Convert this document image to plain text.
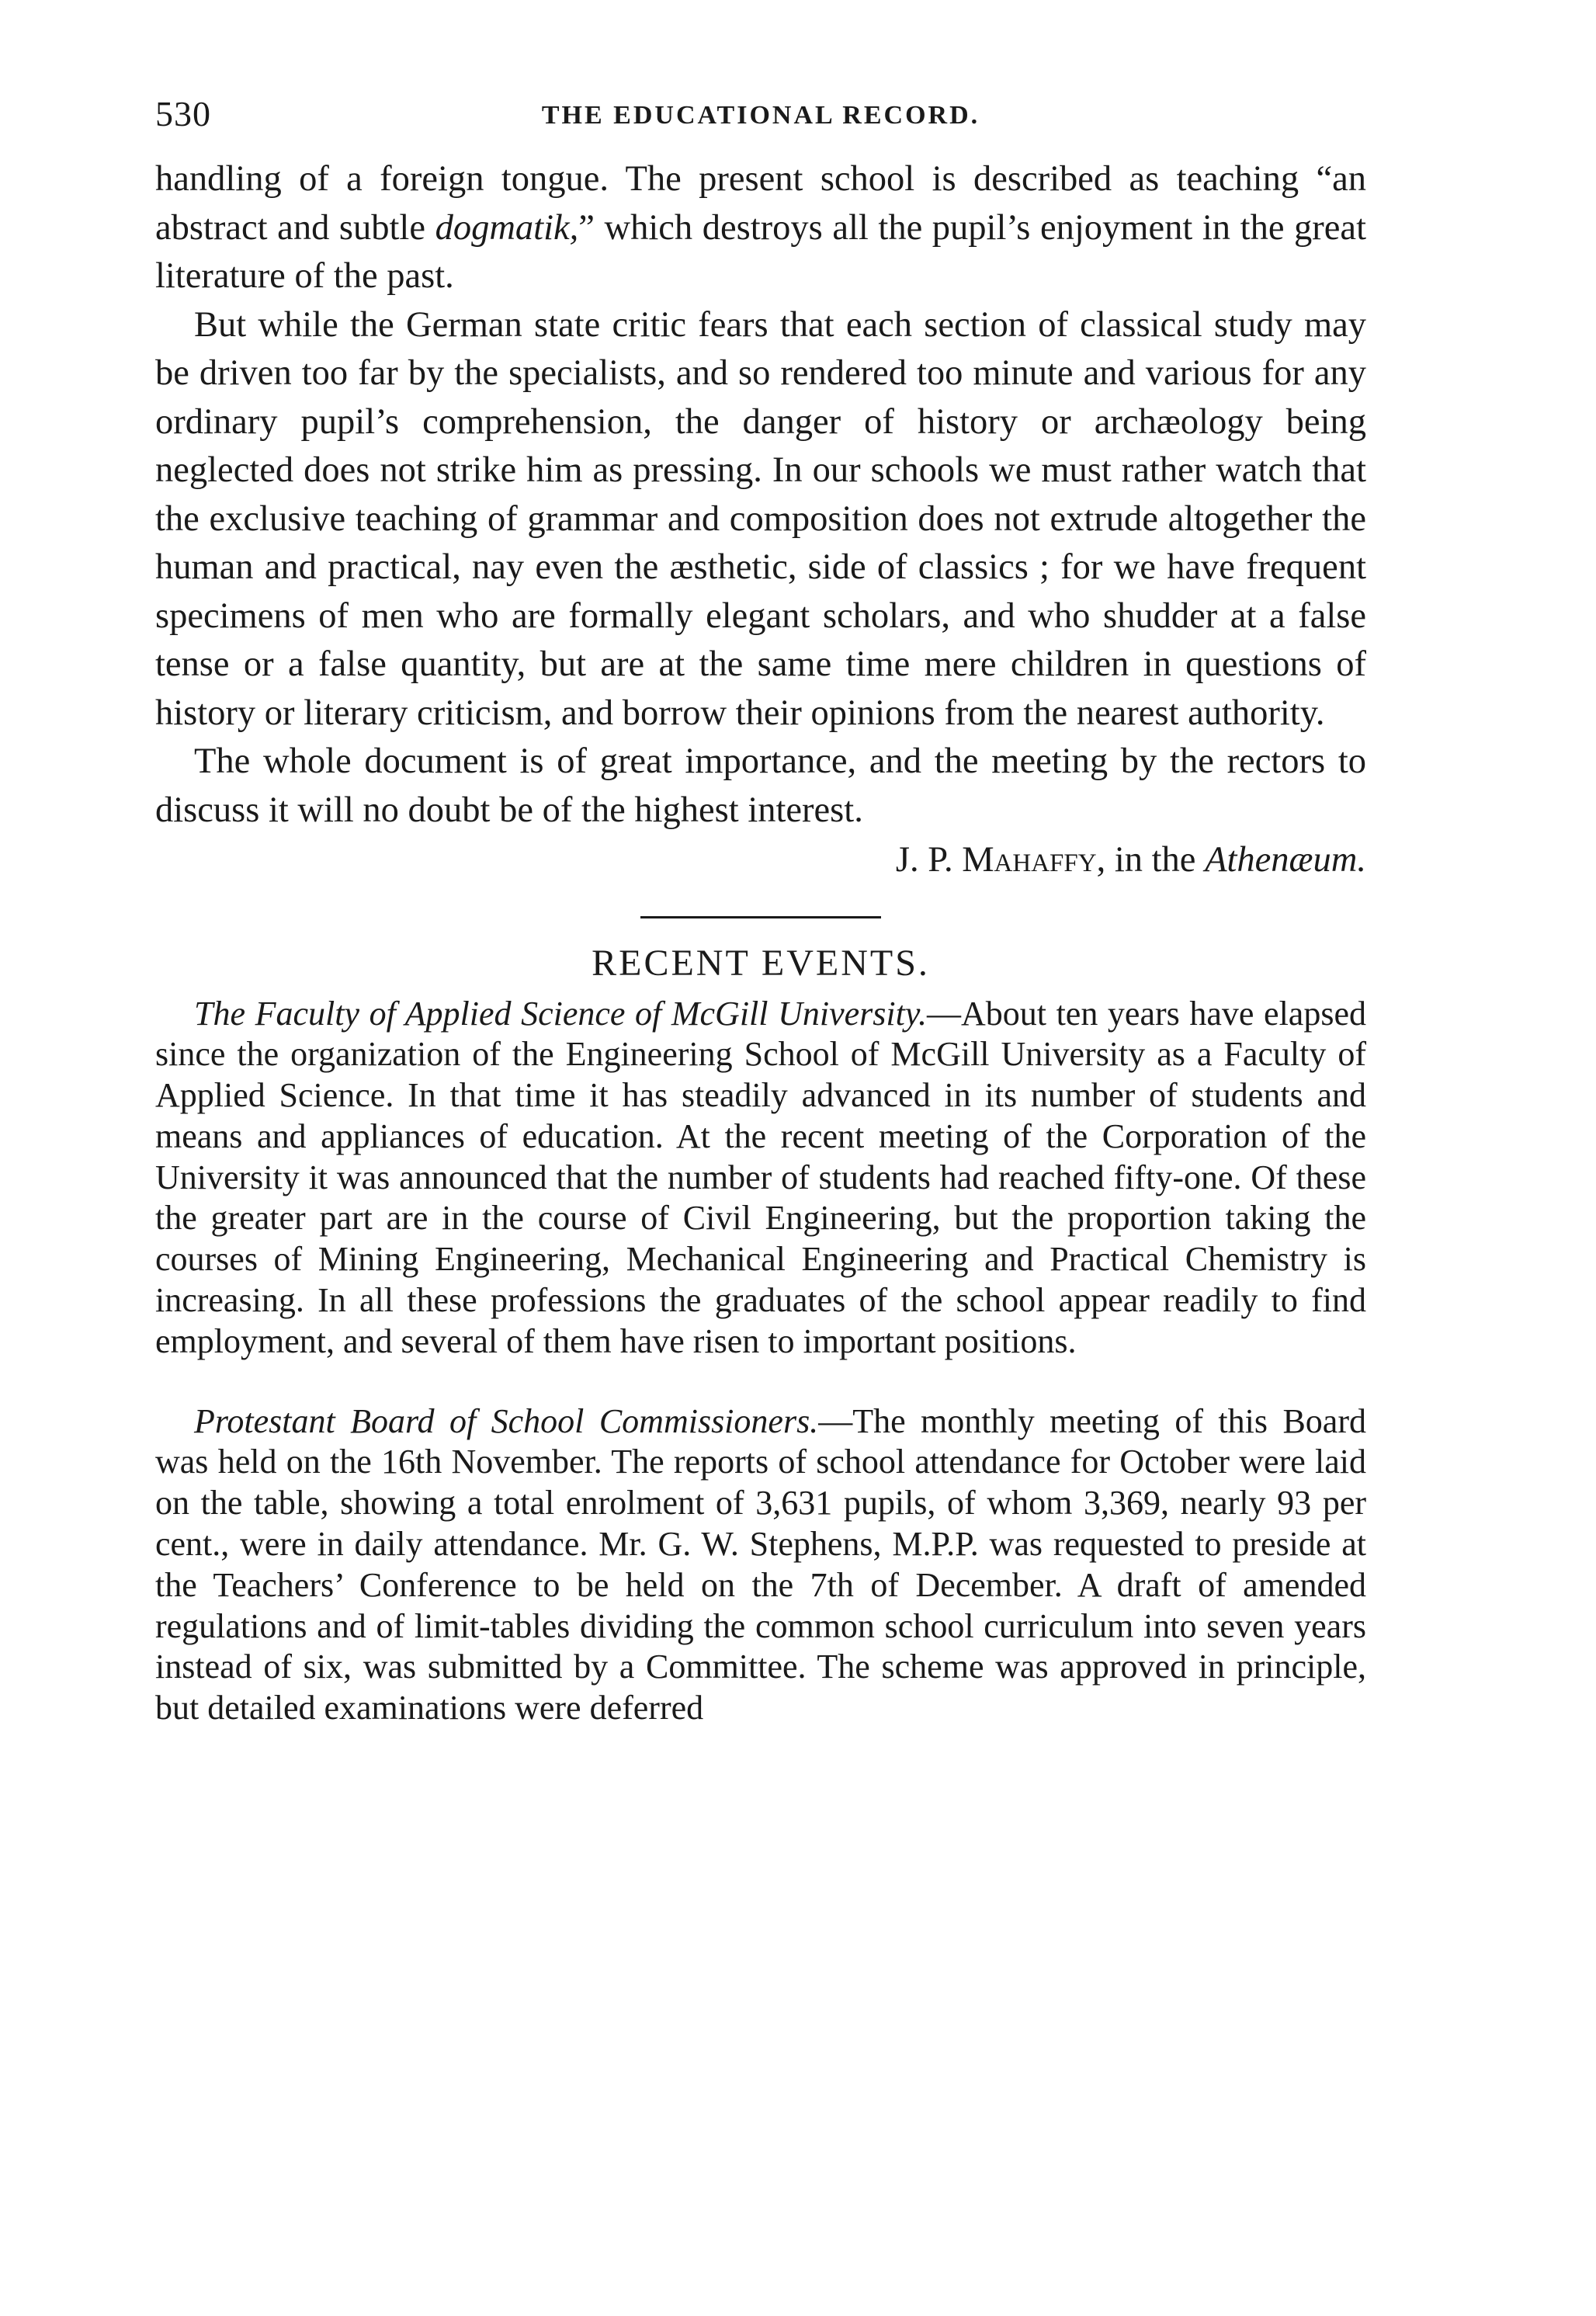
530	THE EDUCATIONAL RECORD.

handling of a foreign tongue. The present school is described as teaching “an abstract and subtle dogmatik,” which destroys all the pupil’s enjoyment in the great literature of the past.

But while the German state critic fears that each section of classical study may be driven too far by the specialists, and so rendered too minute and various for any ordinary pupil’s comprehension, the danger of history or archæology being neglected does not strike him as pressing. In our schools we must rather watch that the exclusive teaching of grammar and composition does not extrude altogether the human and practical, nay even the æsthetic, side of classics ; for we have frequent specimens of men who are formally elegant scholars, and who shudder at a false tense or a false quantity, but are at the same time mere children in questions of history or literary criticism, and borrow their opinions from the nearest authority.

The whole document is of great importance, and the meeting by the rectors to discuss it will no doubt be of the highest interest.

J. P. Mahaffy, in the Athenæum.
RECENT EVENTS.

The Faculty of Applied Science of McGill University.—About ten years have elapsed since the organization of the Engineering School of McGill University as a Faculty of Applied Science. In that time it has steadily advanced in its number of students and means and appliances of education. At the recent meeting of the Corporation of the University it was announced that the number of students had reached fifty-one. Of these the greater part are in the course of Civil Engineering, but the proportion taking the courses of Mining Engineering, Mechanical Engineering and Practical Chemistry is increasing. In all these professions the graduates of the school appear readily to find employment, and several of them have risen to important positions.

Protestant Board of School Commissioners.—The monthly meeting of this Board was held on the 16th November. The reports of school attendance for October were laid on the table, showing a total enrolment of 3,631 pupils, of whom 3,369, nearly 93 per cent., were in daily attendance. Mr. G. W. Stephens, M.P.P. was requested to preside at the Teachers’ Conference to be held on the 7th of December. A draft of amended regulations and of limit-tables dividing the common school curriculum into seven years instead of six, was submitted by a Committee. The scheme was approved in principle, but detailed examinations were deferred
